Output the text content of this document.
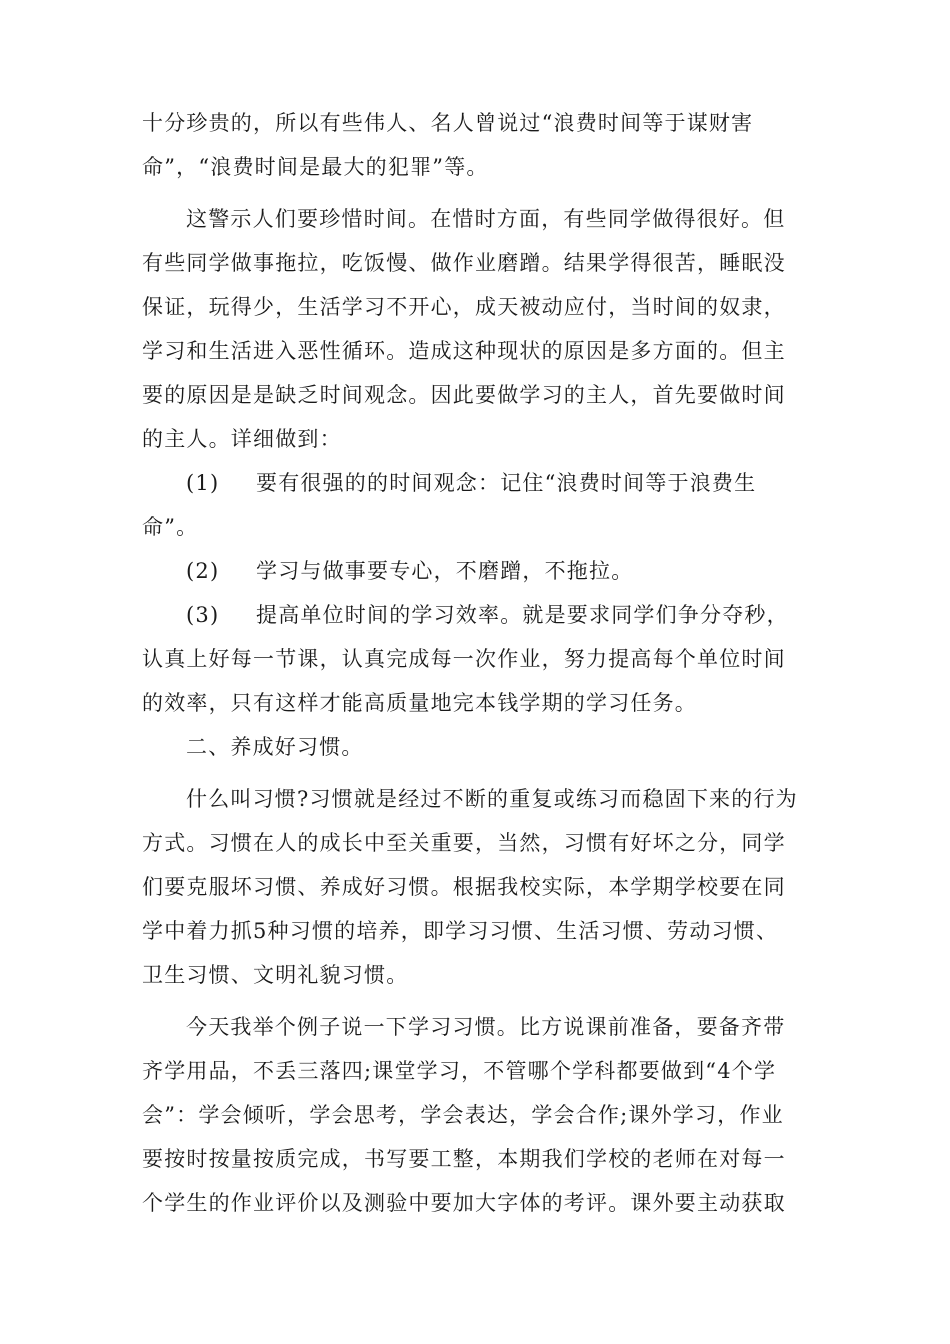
十分珍贵的，所以有些伟人、名人曾说过“浪费时间等于谋财害
命”，“浪费时间是最大的犯罪”等。
这警示人们要珍惜时间。在惜时方面，有些同学做得很好。但
有些同学做事拖拉，吃饭慢、做作业磨蹭。结果学得很苦，睡眠没
保证，玩得少，生活学习不开心，成天被动应付，当时间的奴隶，
学习和生活进入恶性循环。造成这种现状的原因是多方面的。但主
要的原因是是缺乏时间观念。因此要做学习的主人，首先要做时间
的主人。详细做到：
(1) 要有很强的的时间观念：记住“浪费时间等于浪费生
命”。
(2) 学习与做事要专心，不磨蹭，不拖拉。
(3) 提高单位时间的学习效率。就是要求同学们争分夺秒，
认真上好每一节课，认真完成每一次作业，努力提高每个单位时间
的效率，只有这样才能高质量地完本钱学期的学习任务。
二、养成好习惯。
什么叫习惯?习惯就是经过不断的重复或练习而稳固下来的行为
方式。习惯在人的成长中至关重要，当然，习惯有好坏之分，同学
们要克服坏习惯、养成好习惯。根据我校实际，本学期学校要在同
学中着力抓5种习惯的培养，即学习习惯、生活习惯、劳动习惯、
卫生习惯、文明礼貌习惯。
今天我举个例子说一下学习习惯。比方说课前准备，要备齐带
齐学用品，不丢三落四;课堂学习，不管哪个学科都要做到“4个学
会”：学会倾听，学会思考，学会表达，学会合作;课外学习，作业
要按时按量按质完成，书写要工整，本期我们学校的老师在对每一
个学生的作业评价以及测验中要加大字体的考评。课外要主动获取
